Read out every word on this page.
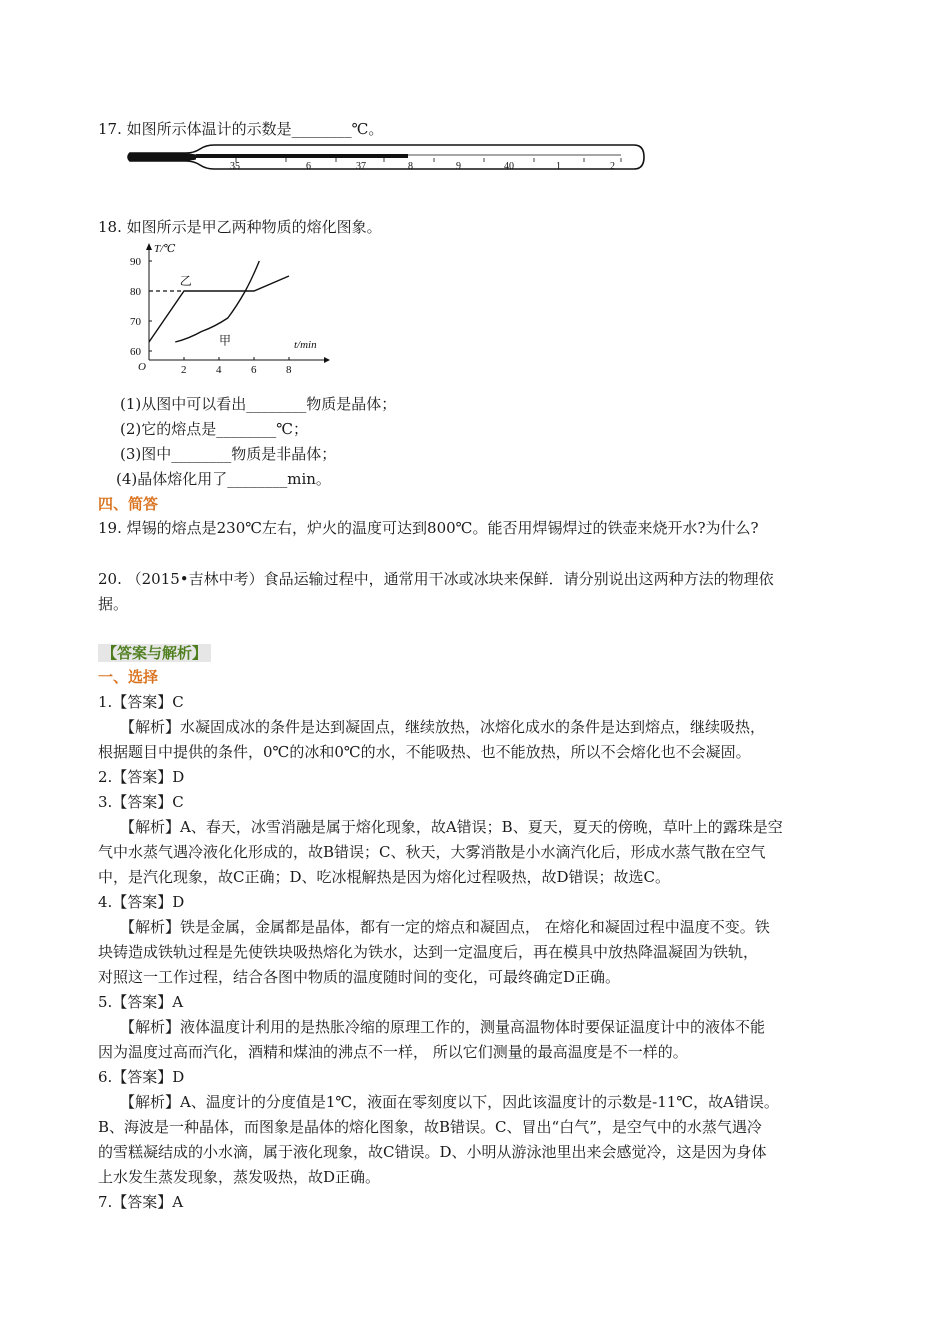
17. 如图所示体温计的示数是________℃。
35	6	37	8	9	40	1	2
18. 如图所示是甲乙两种物质的熔化图象。
T/℃
t/min
O	2	4	6	8
60
70
80
90
乙
甲
(1)从图中可以看出________物质是晶体；
(2)它的熔点是________℃；
(3)图中________物质是非晶体；
(4)晶体熔化用了________min。
四、简答
19. 焊锡的熔点是230℃左右，炉火的温度可达到800℃。能否用焊锡焊过的铁壶来烧开水?为什么?
20. （2015•吉林中考）食品运输过程中，通常用干冰或冰块来保鲜．请分别说出这两种方法的物理依
据。
【答案与解析】
一、选择
1.【答案】C
【解析】水凝固成冰的条件是达到凝固点，继续放热，冰熔化成水的条件是达到熔点，继续吸热，
根据题目中提供的条件，0℃的冰和0℃的水，不能吸热、也不能放热，所以不会熔化也不会凝固。
2.【答案】D
3.【答案】C
【解析】A、春天，冰雪消融是属于熔化现象，故A错误；B、夏天，夏天的傍晚，草叶上的露珠是空
气中水蒸气遇冷液化化形成的，故B错误；C、秋天，大雾消散是小水滴汽化后，形成水蒸气散在空气
中，是汽化现象，故C正确；D、吃冰棍解热是因为熔化过程吸热，故D错误；故选C。
4.【答案】D
【解析】铁是金属，金属都是晶体，都有一定的熔点和凝固点， 在熔化和凝固过程中温度不变。铁
块铸造成铁轨过程是先使铁块吸热熔化为铁水，达到一定温度后，再在模具中放热降温凝固为铁轨，
对照这一工作过程，结合各图中物质的温度随时间的变化，可最终确定D正确。
5.【答案】A
【解析】液体温度计利用的是热胀冷缩的原理工作的，测量高温物体时要保证温度计中的液体不能
因为温度过高而汽化，酒精和煤油的沸点不一样， 所以它们测量的最高温度是不一样的。
6.【答案】D
【解析】A、温度计的分度值是1℃，液面在零刻度以下，因此该温度计的示数是-11℃，故A错误。
B、海波是一种晶体，而图象是晶体的熔化图象，故B错误。C、冒出“白气”，是空气中的水蒸气遇冷
的雪糕凝结成的小水滴，属于液化现象，故C错误。D、小明从游泳池里出来会感觉冷，这是因为身体
上水发生蒸发现象，蒸发吸热，故D正确。
7.【答案】A
